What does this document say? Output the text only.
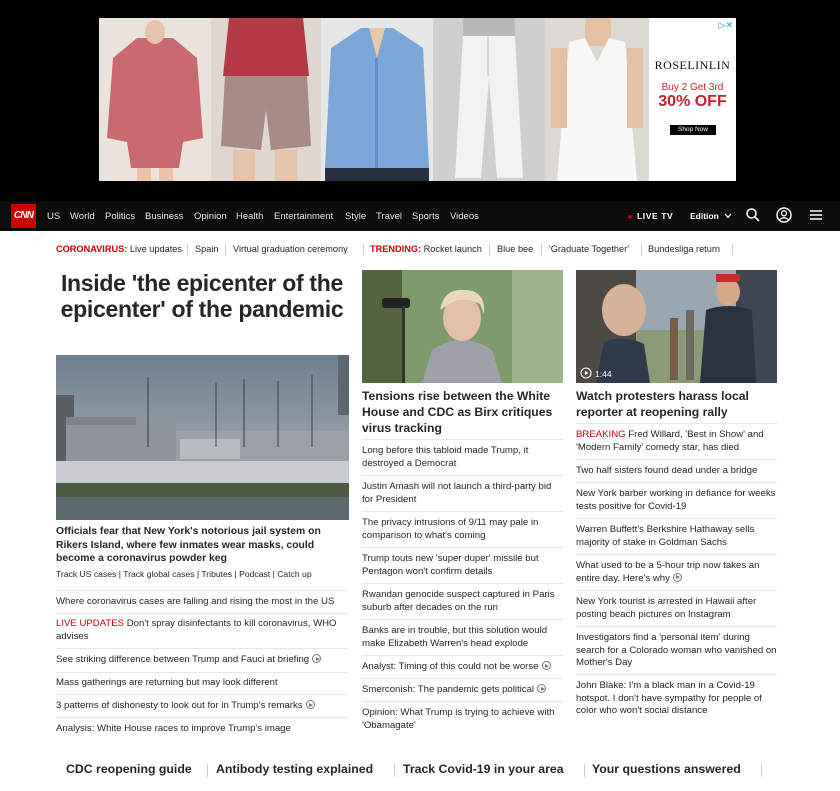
▷✕
ROSELINLIN
Buy 2 Get 3rd
30% OFF
Shop Now
CNN	US World Politics Business Opinion Health Entertainment Style Travel Sports Videos	LIVE TV Edition
CORONAVIRUS: Live updates Spain Virtual graduation ceremony TRENDING: Rocket launch Blue bee 'Graduate Together' Bundesliga return
Inside 'the epicenter of the epicenter' of the pandemic
Officials fear that New York's notorious jail system on Rikers Island, where few inmates wear masks, could become a coronavirus powder keg
Track US cases | Track global cases | Tributes | Podcast | Catch up
Where coronavirus cases are falling and rising the most in the US
LIVE UPDATES Don't spray disinfectants to kill coronavirus, WHO advises
See striking difference between Trump and Fauci at briefing
Mass gatherings are returning but may look different
3 patterns of dishonesty to look out for in Trump's remarks
Analysis: White House races to improve Trump's image
Tensions rise between the White House and CDC as Birx critiques virus tracking
Long before this tabloid made Trump, it destroyed a Democrat
Justin Amash will not launch a third-party bid for President
The privacy intrusions of 9/11 may pale in comparison to what's coming
Trump touts new 'super duper' missile but Pentagon won't confirm details
Rwandan genocide suspect captured in Paris suburb after decades on the run
Banks are in trouble, but this solution would make Elizabeth Warren's head explode
Analyst: Timing of this could not be worse
Smerconish: The pandemic gets political
Opinion: What Trump is trying to achieve with 'Obamagate'
1:44
Watch protesters harass local reporter at reopening rally
BREAKING Fred Willard, 'Best in Show' and 'Modern Family' comedy star, has died
Two half sisters found dead under a bridge
New York barber working in defiance for weeks tests positive for Covid-19
Warren Buffett's Berkshire Hathaway sells majority of stake in Goldman Sachs
What used to be a 5-hour trip now takes an entire day. Here's why
New York tourist is arrested in Hawaii after posting beach pictures on Instagram
Investigators find a 'personal item' during search for a Colorado woman who vanished on Mother's Day
John Blake: I'm a black man in a Covid-19 hotspot. I don't have sympathy for people of color who won't social distance
CDC reopening guide Antibody testing explained Track Covid-19 in your area Your questions answered
